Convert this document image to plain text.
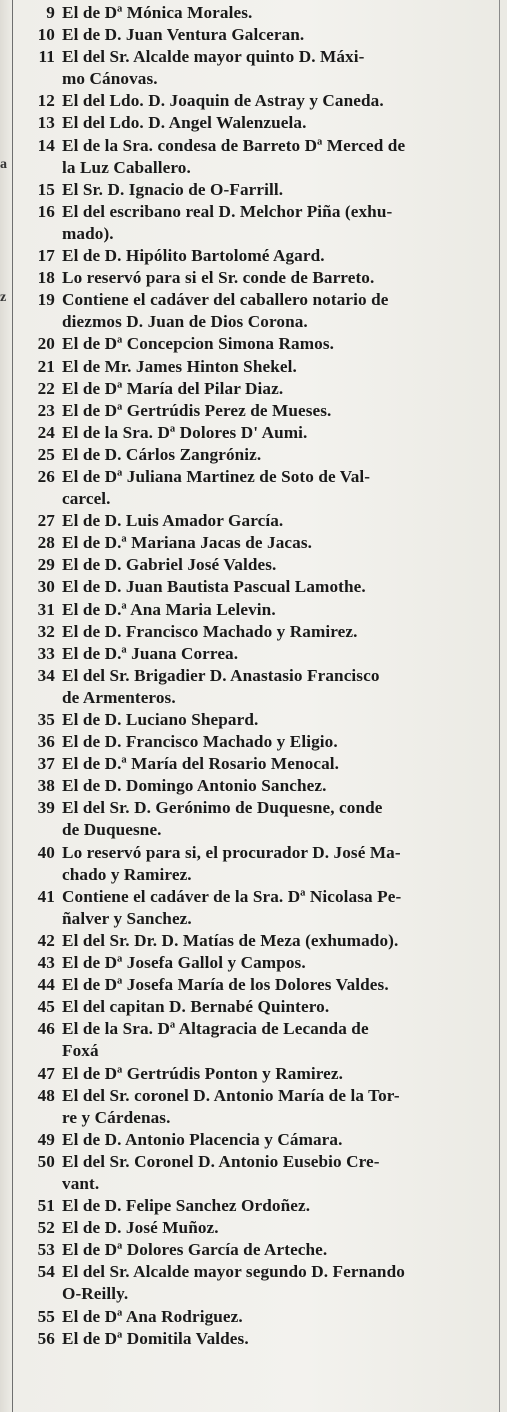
a
z
9 El de Dª Mónica Morales.
10 El de D. Juan Ventura Galceran.
11 El del Sr. Alcalde mayor quinto D. Máxi-
mo Cánovas.
12 El del Ldo. D. Joaquin de Astray y Caneda.
13 El del Ldo. D. Angel Walenzuela.
14 El de la Sra. condesa de Barreto Dª Merced de
la Luz Caballero.
15 El Sr. D. Ignacio de O-Farrill.
16 El del escribano real D. Melchor Piña (exhu-
mado).
17 El de D. Hipólito Bartolomé Agard.
18 Lo reservó para si el Sr. conde de Barreto.
19 Contiene el cadáver del caballero notario de
diezmos D. Juan de Dios Corona.
20 El de Dª Concepcion Simona Ramos.
21 El de Mr. James Hinton Shekel.
22 El de Dª María del Pilar Diaz.
23 El de Dª Gertrúdis Perez de Mueses.
24 El de la Sra. Dª Dolores D' Aumi.
25 El de D. Cárlos Zangróniz.
26 El de Dª Juliana Martinez de Soto de Val-
carcel.
27 El de D. Luis Amador García.
28 El de D.ª Mariana Jacas de Jacas.
29 El de D. Gabriel José Valdes.
30 El de D. Juan Bautista Pascual Lamothe.
31 El de D.ª Ana Maria Lelevin.
32 El de D. Francisco Machado y Ramirez.
33 El de D.ª Juana Correa.
34 El del Sr. Brigadier D. Anastasio Francisco
de Armenteros.
35 El de D. Luciano Shepard.
36 El de D. Francisco Machado y Eligio.
37 El de D.ª María del Rosario Menocal.
38 El de D. Domingo Antonio Sanchez.
39 El del Sr. D. Gerónimo de Duquesne, conde
de Duquesne.
40 Lo reservó para si, el procurador D. José Ma-
chado y Ramirez.
41 Contiene el cadáver de la Sra. Dª Nicolasa Pe-
ñalver y Sanchez.
42 El del Sr. Dr. D. Matías de Meza (exhumado).
43 El de Dª Josefa Gallol y Campos.
44 El de Dª Josefa María de los Dolores Valdes.
45 El del capitan D. Bernabé Quintero.
46 El de la Sra. Dª Altagracia de Lecanda de
Foxá
47 El de Dª Gertrúdis Ponton y Ramirez.
48 El del Sr. coronel D. Antonio María de la Tor-
re y Cárdenas.
49 El de D. Antonio Placencia y Cámara.
50 El del Sr. Coronel D. Antonio Eusebio Cre-
vant.
51 El de D. Felipe Sanchez Ordoñez.
52 El de D. José Muñoz.
53 El de Dª Dolores García de Arteche.
54 El del Sr. Alcalde mayor segundo D. Fernando
O-Reilly.
55 El de Dª Ana Rodriguez.
56 El de Dª Domitila Valdes.
